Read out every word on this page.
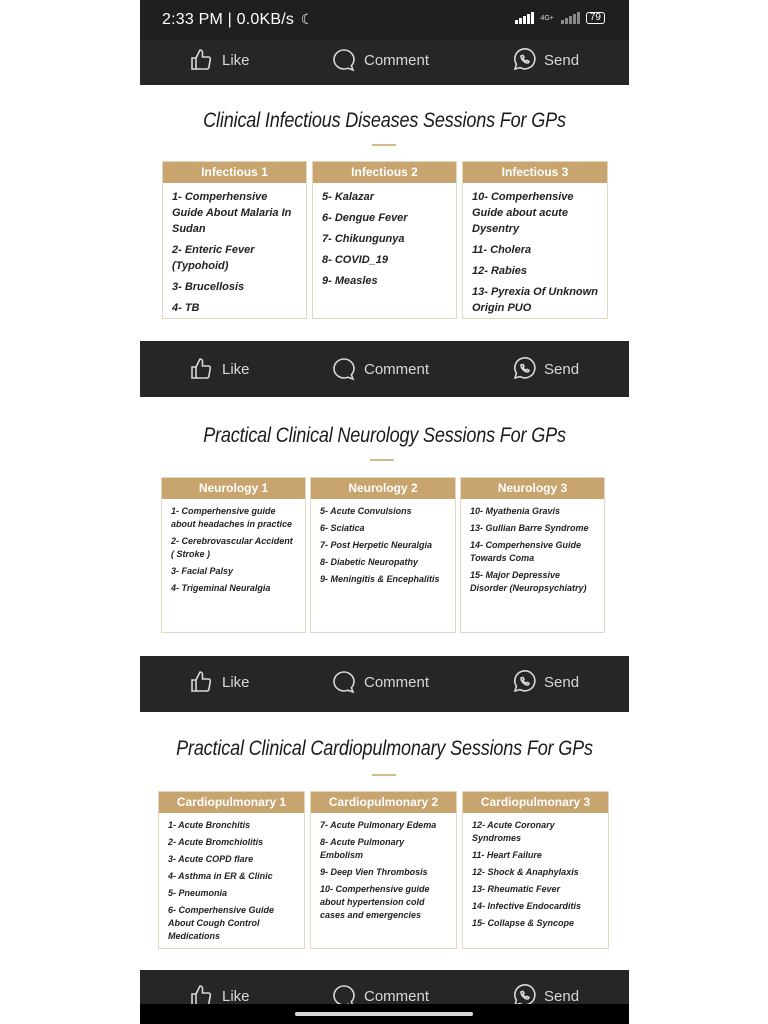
2:33 PM | 0.0KB/s ☾	4G+	79
Like	Comment	Send
Clinical Infectious Diseases Sessions For GPs
Infectious 1
1- Comperhensive Guide About Malaria In Sudan
2- Enteric Fever (Typohoid)
3- Brucellosis
4- TB
Infectious 2
5- Kalazar
6- Dengue Fever
7- Chikungunya
8- COVID_19
9- Measles
Infectious 3
10- Comperhensive Guide about acute Dysentry
11- Cholera
12- Rabies
13- Pyrexia Of Unknown Origin PUO
Like	Comment	Send
Practical Clinical Neurology Sessions For GPs
Neurology 1
1- Comperhensive guide about headaches in practice
2- Cerebrovascular Accident ( Stroke )
3- Facial Palsy
4- Trigeminal Neuralgia
Neurology 2
5- Acute Convulsions
6- Sciatica
7- Post Herpetic Neuralgia
8- Diabetic Neuropathy
9- Meningitis & Encephalitis
Neurology 3
10- Myathenia Gravis
13- Gullian Barre Syndrome
14- Comperhensive Guide Towards Coma
15- Major Depressive Disorder (Neuropsychiatry)
Like	Comment	Send
Practical Clinical Cardiopulmonary Sessions For GPs
Cardiopulmonary 1
1- Acute Bronchitis
2- Acute Bromchiolitis
3- Acute COPD flare
4- Asthma in ER & Clinic
5- Pneumonia
6- Comperhensive Guide About Cough Control Medications
Cardiopulmonary 2
7- Acute Pulmonary Edema
8- Acute Pulmonary Embolism
9- Deep Vien Thrombosis
10- Comperhensive guide about hypertension cold cases and emergencies
Cardiopulmonary 3
12- Acute Coronary Syndromes
11- Heart Failure
12- Shock & Anaphylaxis
13- Rheumatic Fever
14- Infective Endocarditis
15- Collapse & Syncope
Like	Comment	Send
